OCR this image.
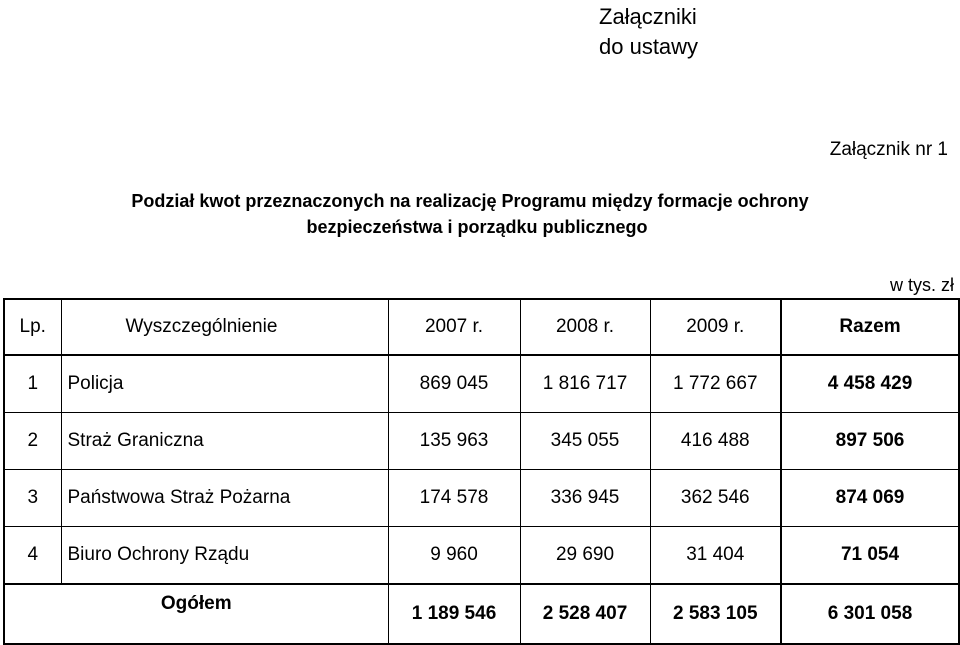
Załączniki
do ustawy
Załącznik nr 1
Podział kwot przeznaczonych na realizację Programu między formacje ochrony
bezpieczeństwa i porządku publicznego
w tys. zł
Lp.	Wyszczególnienie	2007 r.	2008 r.	2009 r.	Razem
1	Policja	869 045	1 816 717	1 772 667	4 458 429
2	Straż Graniczna	135 963	345 055	416 488	897 506
3	Państwowa Straż Pożarna	174 578	336 945	362 546	874 069
4	Biuro Ochrony Rządu	9 960	29 690	31 404	71 054
Ogółem		1 189 546	2 528 407	2 583 105	6 301 058
